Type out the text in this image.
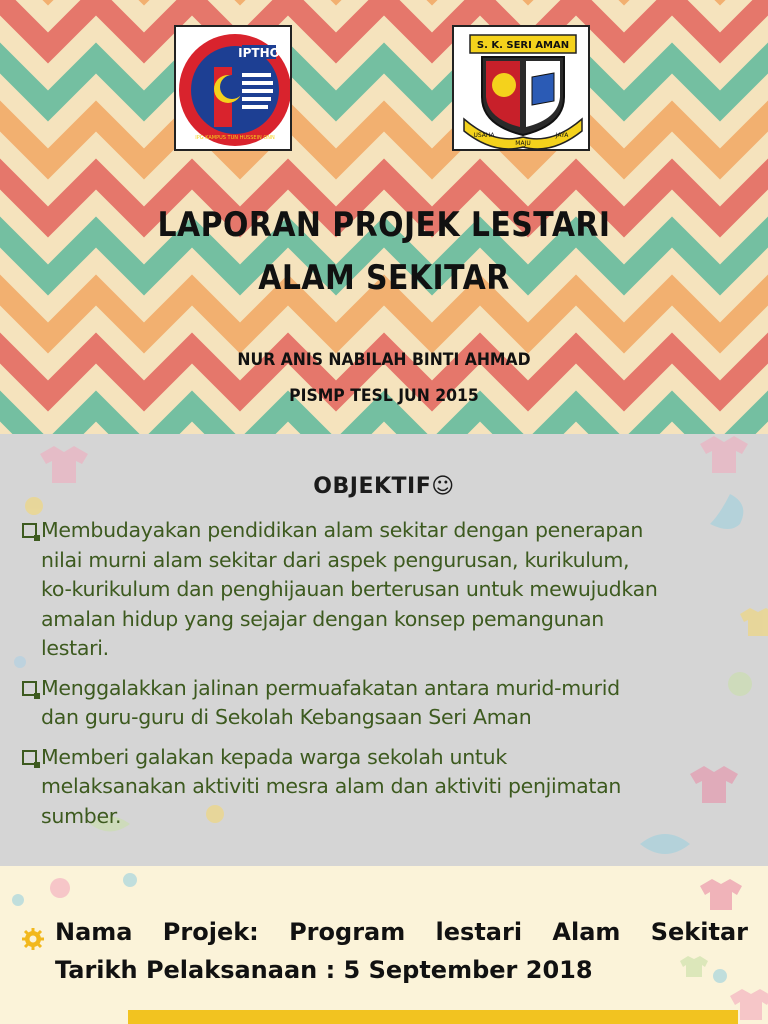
IPTHO
IPG KAMPUS TUN HUSSEIN ONN
S. K. SERI AMAN
USAHA
MAJU
JAYA
LAPORAN PROJEK LESTARI
ALAM SEKITAR
NUR ANIS NABILAH BINTI AHMAD
PISMP TESL JUN 2015
OBJEKTIF☺
Membudayakan pendidikan alam sekitar dengan penerapan
nilai murni alam sekitar dari aspek pengurusan, kurikulum,
ko-kurikulum dan penghijauan berterusan untuk mewujudkan
amalan hidup yang sejajar dengan konsep pemangunan
lestari.
Menggalakkan jalinan permuafakatan antara murid-murid
dan guru-guru di Sekolah Kebangsaan Seri Aman
Memberi galakan kepada warga sekolah untuk
melaksanakan aktiviti mesra alam dan aktiviti penjimatan
sumber.
Nama Projek: Program lestari Alam Sekitar
Tarikh Pelaksanaan : 5 September 2018
